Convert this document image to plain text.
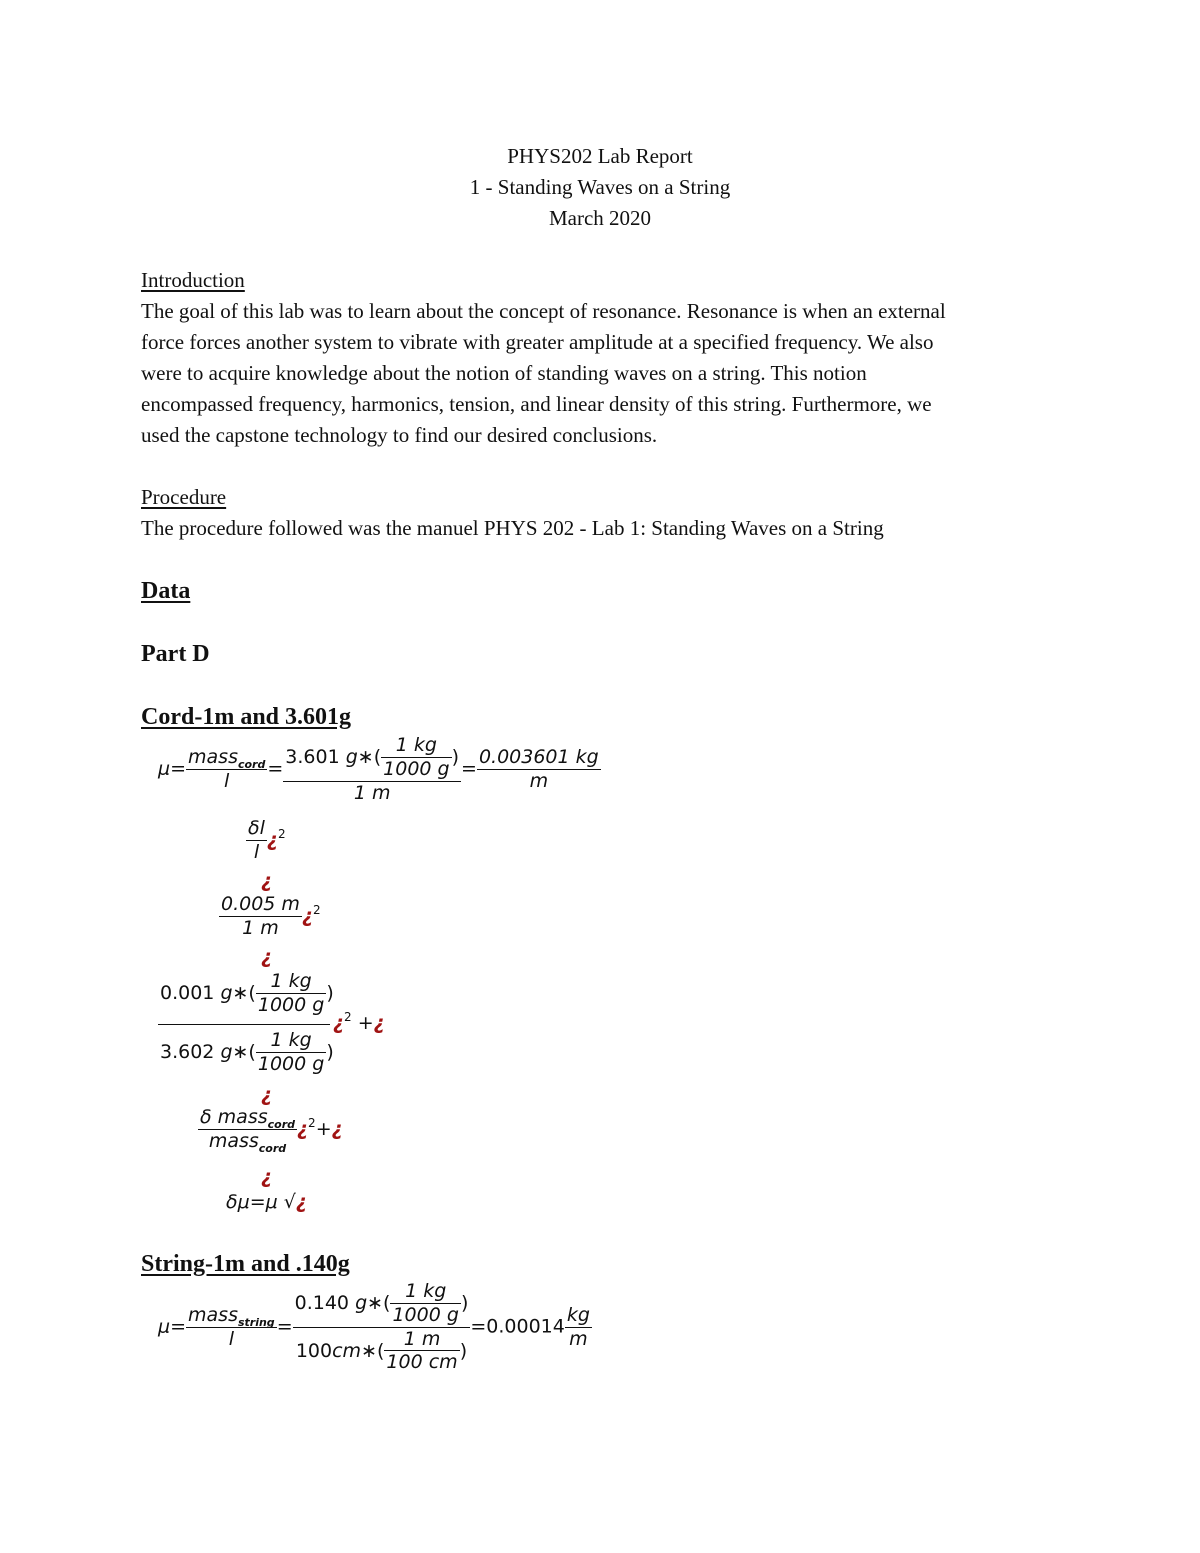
PHYS202 Lab Report
1 - Standing Waves on a String
March 2020
Introduction
The goal of this lab was to learn about the concept of resonance. Resonance is when an external
force forces another system to vibrate with greater amplitude at a specified frequency. We also
were to acquire knowledge about the notion of standing waves on a string. This notion
encompassed frequency, harmonics, tension, and linear density of this string. Furthermore, we
used the capstone technology to find our desired conclusions.
Procedure
The procedure followed was the manuel PHYS 202 - Lab 1: Standing Waves on a String
Data
Part D
Cord-1m and 3.601g
$\mu= \frac{mass_{cord}}{l} = \frac{3.601 g∗( \frac{1 kg}{1000 g} )}{1 m} = \frac{0.003601 kg}{m}$
$\frac{\delta l}{l}$ ¿$^2$
¿
$\frac{0.005 m}{1 m}$ ¿$^2$
¿
0.001 g∗( $\frac{1 kg}{1000 g}$ )
¿$^2$ +¿
3.602 g∗( $\frac{1 kg}{1000 g}$ )
¿
$\frac{\delta mass_{cord}}{mass_{cord}}$ ¿$^2$+¿
¿
δμ=μ √¿
String-1m and .140g
$\mu= \frac{mass_{string}}{l} = \frac{0.140 g∗( \frac{1 kg}{1000 g} )}{100cm∗( \frac{1 m}{100 cm} )} =0.00014 \frac{kg}{m}$
